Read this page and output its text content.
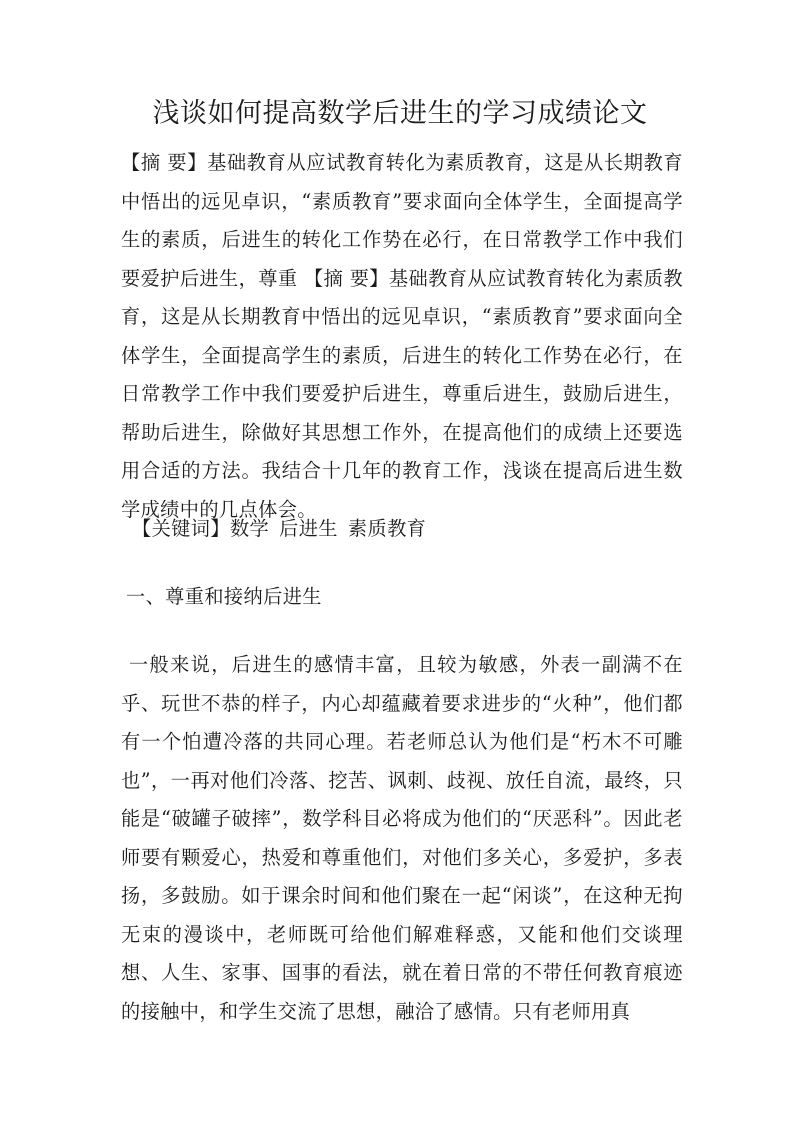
浅谈如何提高数学后进生的学习成绩论文

【摘 要】基础教育从应试教育转化为素质教育，这是从长期教育中悟出的远见卓识，“素质教育”要求面向全体学生，全面提高学生的素质，后进生的转化工作势在必行，在日常教学工作中我们要爱护后进生，尊重 【摘 要】基础教育从应试教育转化为素质教育，这是从长期教育中悟出的远见卓识，“素质教育”要求面向全体学生，全面提高学生的素质，后进生的转化工作势在必行，在日常教学工作中我们要爱护后进生，尊重后进生，鼓励后进生，帮助后进生，除做好其思想工作外，在提高他们的成绩上还要选用合适的方法。我结合十几年的教育工作，浅谈在提高后进生数学成绩中的几点体会。

【关键词】数学 后进生 素质教育

一、尊重和接纳后进生

一般来说，后进生的感情丰富，且较为敏感，外表一副满不在乎、玩世不恭的样子，内心却蕴藏着要求进步的“火种”，他们都有一个怕遭冷落的共同心理。若老师总认为他们是“朽木不可雕也”，一再对他们冷落、挖苦、讽刺、歧视、放任自流，最终，只能是“破罐子破摔”，数学科目必将成为他们的“厌恶科”。因此老师要有颗爱心，热爱和尊重他们，对他们多关心，多爱护，多表扬，多鼓励。如于课余时间和他们聚在一起“闲谈”，在这种无拘无束的漫谈中，老师既可给他们解难释惑，又能和他们交谈理想、人生、家事、国事的看法，就在着日常的不带任何教育痕迹的接触中，和学生交流了思想，融洽了感情。只有老师用真
